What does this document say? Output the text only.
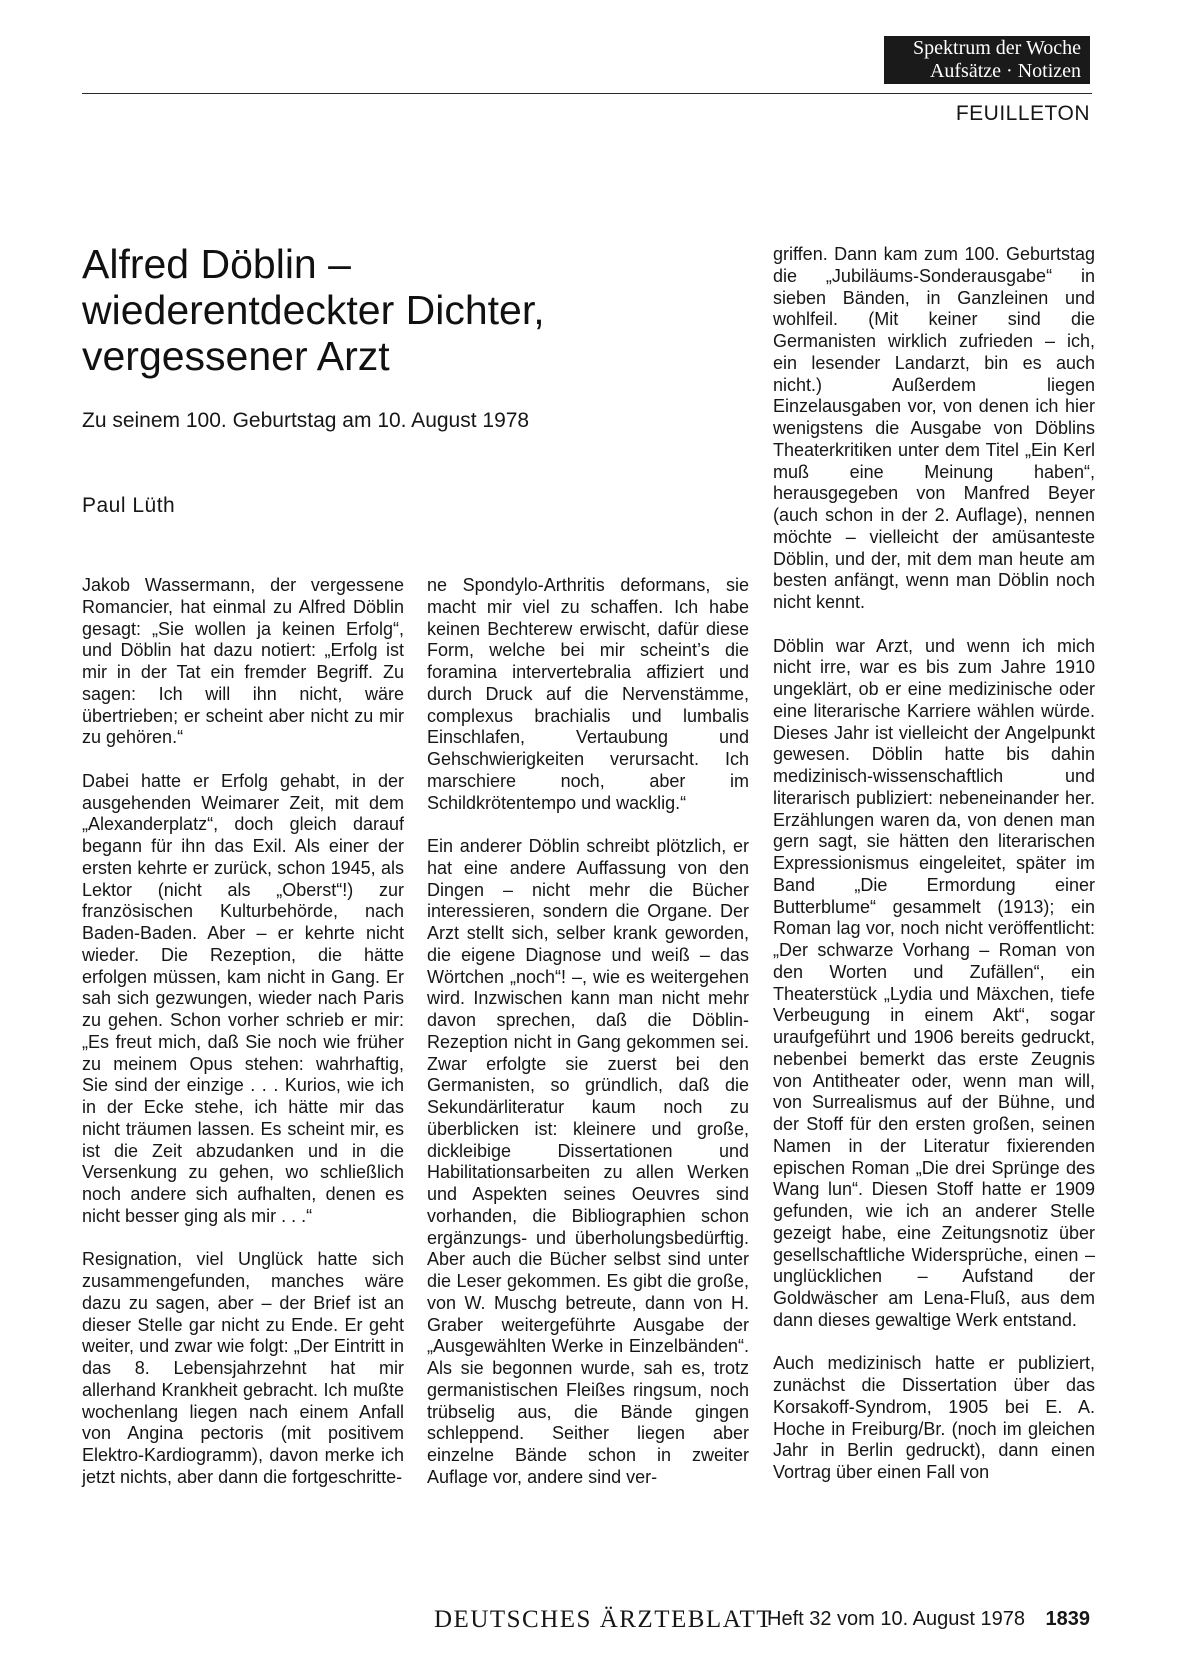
Spektrum der Woche
Aufsätze · Notizen
FEUILLETON
Alfred Döblin –
wiederentdeckter Dichter,
vergessener Arzt
Zu seinem 100. Geburtstag am 10. August 1978
Paul Lüth

Jakob Wassermann, der vergessene Romancier, hat einmal zu Alfred Döblin gesagt: „Sie wollen ja keinen Erfolg“, und Döblin hat dazu notiert: „Erfolg ist mir in der Tat ein fremder Begriff. Zu sagen: Ich will ihn nicht, wäre übertrieben; er scheint aber nicht zu mir zu gehören.“

Dabei hatte er Erfolg gehabt, in der ausgehenden Weimarer Zeit, mit dem „Alexanderplatz“, doch gleich darauf begann für ihn das Exil. Als einer der ersten kehrte er zurück, schon 1945, als Lektor (nicht als „Oberst“!) zur französischen Kulturbehörde, nach Baden-Baden. Aber – er kehrte nicht wieder. Die Rezeption, die hätte erfolgen müssen, kam nicht in Gang. Er sah sich gezwungen, wieder nach Paris zu gehen. Schon vorher schrieb er mir: „Es freut mich, daß Sie noch wie früher zu meinem Opus stehen: wahrhaftig, Sie sind der einzige . . . Kurios, wie ich in der Ecke stehe, ich hätte mir das nicht träumen lassen. Es scheint mir, es ist die Zeit abzudanken und in die Versenkung zu gehen, wo schließlich noch andere sich aufhalten, denen es nicht besser ging als mir . . .“

Resignation, viel Unglück hatte sich zusammengefunden, manches wäre dazu zu sagen, aber – der Brief ist an dieser Stelle gar nicht zu Ende. Er geht weiter, und zwar wie folgt: „Der Eintritt in das 8. Lebensjahrzehnt hat mir allerhand Krankheit gebracht. Ich mußte wochenlang liegen nach einem Anfall von Angina pectoris (mit positivem Elektro-Kardiogramm), davon merke ich jetzt nichts, aber dann die fortgeschritte-

ne Spondylo-Arthritis deformans, sie macht mir viel zu schaffen. Ich habe keinen Bechterew erwischt, dafür diese Form, welche bei mir scheint’s die foramina intervertebralia affiziert und durch Druck auf die Nervenstämme, complexus brachialis und lumbalis Einschlafen, Vertaubung und Gehschwierigkeiten verursacht. Ich marschiere noch, aber im Schildkrötentempo und wacklig.“

Ein anderer Döblin schreibt plötzlich, er hat eine andere Auffassung von den Dingen – nicht mehr die Bücher interessieren, sondern die Organe. Der Arzt stellt sich, selber krank geworden, die eigene Diagnose und weiß – das Wörtchen „noch“! –, wie es weitergehen wird. Inzwischen kann man nicht mehr davon sprechen, daß die Döblin-Rezeption nicht in Gang gekommen sei. Zwar erfolgte sie zuerst bei den Germanisten, so gründlich, daß die Sekundärliteratur kaum noch zu überblicken ist: kleinere und große, dickleibige Dissertationen und Habilitationsarbeiten zu allen Werken und Aspekten seines Oeuvres sind vorhanden, die Bibliographien schon ergänzungs- und überholungsbedürftig. Aber auch die Bücher selbst sind unter die Leser gekommen. Es gibt die große, von W. Muschg betreute, dann von H. Graber weitergeführte Ausgabe der „Ausgewählten Werke in Einzelbänden“. Als sie begonnen wurde, sah es, trotz germanistischen Fleißes ringsum, noch trübselig aus, die Bände gingen schleppend. Seither liegen aber einzelne Bände schon in zweiter Auflage vor, andere sind ver-

griffen. Dann kam zum 100. Geburtstag die „Jubiläums-Sonderausgabe“ in sieben Bänden, in Ganzleinen und wohlfeil. (Mit keiner sind die Germanisten wirklich zufrieden – ich, ein lesender Landarzt, bin es auch nicht.) Außerdem liegen Einzelausgaben vor, von denen ich hier wenigstens die Ausgabe von Döblins Theaterkritiken unter dem Titel „Ein Kerl muß eine Meinung haben“, herausgegeben von Manfred Beyer (auch schon in der 2. Auflage), nennen möchte – vielleicht der amüsanteste Döblin, und der, mit dem man heute am besten anfängt, wenn man Döblin noch nicht kennt.

Döblin war Arzt, und wenn ich mich nicht irre, war es bis zum Jahre 1910 ungeklärt, ob er eine medizinische oder eine literarische Karriere wählen würde. Dieses Jahr ist vielleicht der Angelpunkt gewesen. Döblin hatte bis dahin medizinisch-wissenschaftlich und literarisch publiziert: nebeneinander her. Erzählungen waren da, von denen man gern sagt, sie hätten den literarischen Expressionismus eingeleitet, später im Band „Die Ermordung einer Butterblume“ gesammelt (1913); ein Roman lag vor, noch nicht veröffentlicht: „Der schwarze Vorhang – Roman von den Worten und Zufällen“, ein Theaterstück „Lydia und Mäxchen, tiefe Verbeugung in einem Akt“, sogar uraufgeführt und 1906 bereits gedruckt, nebenbei bemerkt das erste Zeugnis von Antitheater oder, wenn man will, von Surrealismus auf der Bühne, und der Stoff für den ersten großen, seinen Namen in der Literatur fixierenden epischen Roman „Die drei Sprünge des Wang lun“. Diesen Stoff hatte er 1909 gefunden, wie ich an anderer Stelle gezeigt habe, eine Zeitungsnotiz über gesellschaftliche Widersprüche, einen – unglücklichen – Aufstand der Goldwäscher am Lena-Fluß, aus dem dann dieses gewaltige Werk entstand.

Auch medizinisch hatte er publiziert, zunächst die Dissertation über das Korsakoff-Syndrom, 1905 bei E. A. Hoche in Freiburg/Br. (noch im gleichen Jahr in Berlin gedruckt), dann einen Vortrag über einen Fall von

DEUTSCHES ÄRZTEBLATT
Heft 32 vom 10. August 1978 1839
